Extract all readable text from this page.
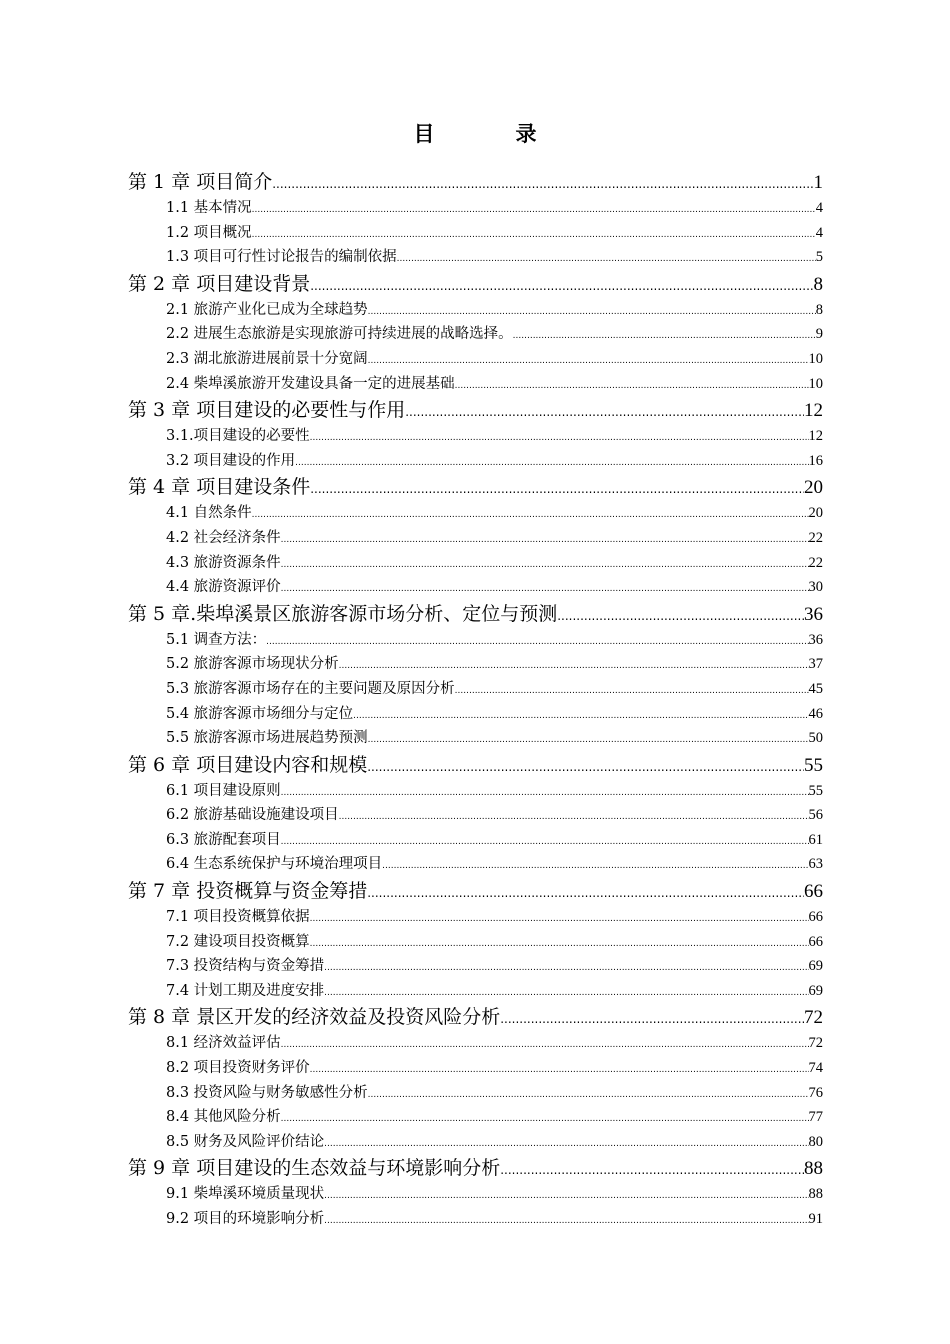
目　录
第 1 章 项目简介 .....	1
1.1 基本情况 .....	4
1.2 项目概况 .....	4
1.3 项目可行性讨论报告的编制依据 .....	5
第 2 章 项目建设背景 .....	8
2.1 旅游产业化已成为全球趋势 .....	8
2.2 进展生态旅游是实现旅游可持续进展的战略选择。 .....	9
2.3 湖北旅游进展前景十分宽阔 .....	10
2.4 柴埠溪旅游开发建设具备一定的进展基础 .....	10
第 3 章 项目建设的必要性与作用 .....	12
3.1.项目建设的必要性 .....	12
3.2 项目建设的作用 .....	16
第 4 章 项目建设条件 .....	20
4.1 自然条件 .....	20
4.2 社会经济条件 .....	22
4.3 旅游资源条件 .....	22
4.4 旅游资源评价 .....	30
第 5 章.柴埠溪景区旅游客源市场分析、定位与预测 .....	36
5.1 调查方法： .....	36
5.2 旅游客源市场现状分析 .....	37
5.3 旅游客源市场存在的主要问题及原因分析 .....	45
5.4 旅游客源市场细分与定位 .....	46
5.5 旅游客源市场进展趋势预测 .....	50
第 6 章 项目建设内容和规模 .....	55
6.1 项目建设原则 .....	55
6.2 旅游基础设施建设项目 .....	56
6.3 旅游配套项目 .....	61
6.4 生态系统保护与环境治理项目 .....	63
第 7 章 投资概算与资金筹措 .....	66
7.1 项目投资概算依据 .....	66
7.2 建设项目投资概算 .....	66
7.3 投资结构与资金筹措 .....	69
7.4 计划工期及进度安排 .....	69
第 8 章 景区开发的经济效益及投资风险分析 .....	72
8.1 经济效益评估 .....	72
8.2 项目投资财务评价 .....	74
8.3 投资风险与财务敏感性分析 .....	76
8.4 其他风险分析 .....	77
8.5 财务及风险评价结论 .....	80
第 9 章 项目建设的生态效益与环境影响分析 .....	88
9.1 柴埠溪环境质量现状 .....	88
9.2 项目的环境影响分析 .....	91
